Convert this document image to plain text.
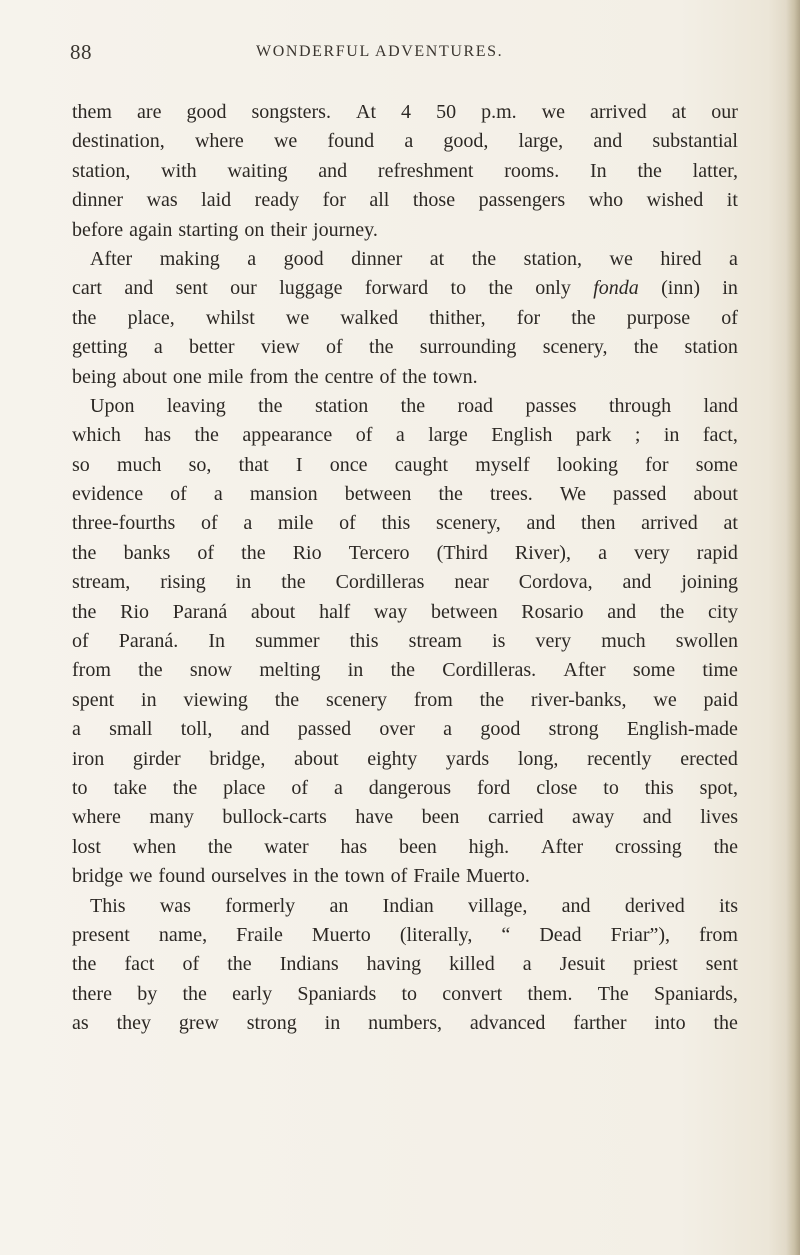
88	WONDERFUL ADVENTURES.
them are good songsters. At 4 50 p.m. we arrived at our
destination, where we found a good, large, and substantial
station, with waiting and refreshment rooms. In the latter,
dinner was laid ready for all those passengers who wished it
before again starting on their journey.
After making a good dinner at the station, we hired a
cart and sent our luggage forward to the only fonda (inn) in
the place, whilst we walked thither, for the purpose of
getting a better view of the surrounding scenery, the station
being about one mile from the centre of the town.
Upon leaving the station the road passes through land
which has the appearance of a large English park ; in fact,
so much so, that I once caught myself looking for some
evidence of a mansion between the trees. We passed about
three-fourths of a mile of this scenery, and then arrived at
the banks of the Rio Tercero (Third River), a very rapid
stream, rising in the Cordilleras near Cordova, and joining
the Rio Paraná about half way between Rosario and the city
of Paraná. In summer this stream is very much swollen
from the snow melting in the Cordilleras. After some time
spent in viewing the scenery from the river-banks, we paid
a small toll, and passed over a good strong English-made
iron girder bridge, about eighty yards long, recently erected
to take the place of a dangerous ford close to this spot,
where many bullock-carts have been carried away and lives
lost when the water has been high. After crossing the
bridge we found ourselves in the town of Fraile Muerto.
This was formerly an Indian village, and derived its
present name, Fraile Muerto (literally, “ Dead Friar”), from
the fact of the Indians having killed a Jesuit priest sent
there by the early Spaniards to convert them. The Spaniards,
as they grew strong in numbers, advanced farther into the
